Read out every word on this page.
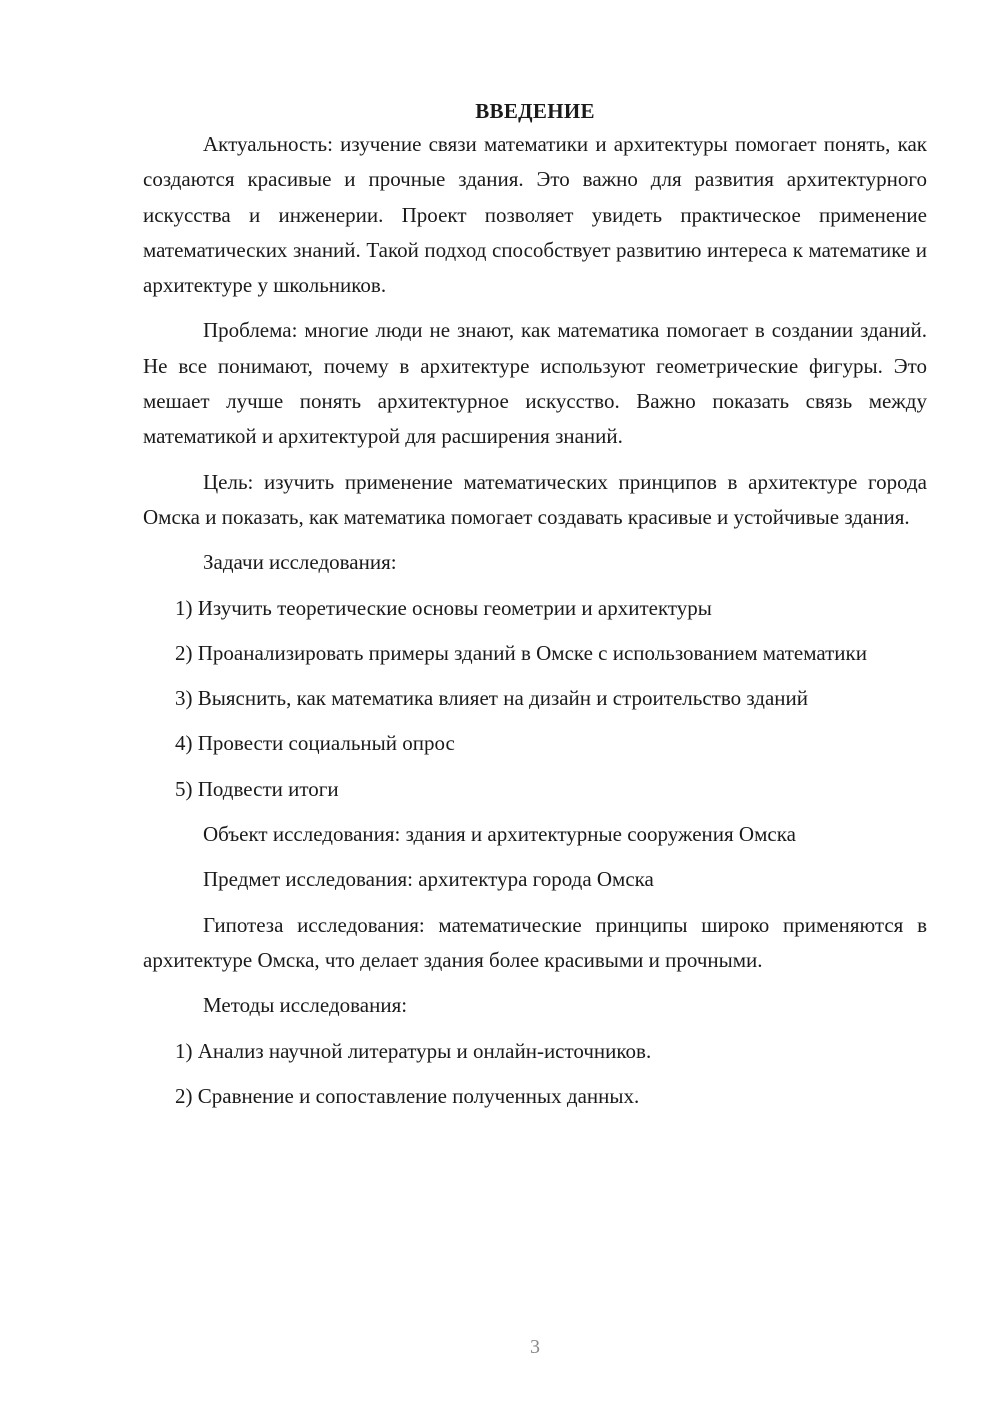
ВВЕДЕНИЕ

Актуальность: изучение связи математики и архитектуры помогает понять, как создаются красивые и прочные здания. Это важно для развития архитектурного искусства и инженерии. Проект позволяет увидеть практическое применение математических знаний. Такой подход способствует развитию интереса к математике и архитектуре у школьников.

Проблема: многие люди не знают, как математика помогает в создании зданий. Не все понимают, почему в архитектуре используют геометрические фигуры. Это мешает лучше понять архитектурное искусство. Важно показать связь между математикой и архитектурой для расширения знаний.

Цель: изучить применение математических принципов в архитектуре города Омска и показать, как математика помогает создавать красивые и устойчивые здания.

Задачи исследования:

1) Изучить теоретические основы геометрии и архитектуры

2) Проанализировать примеры зданий в Омске с использованием математики

3) Выяснить, как математика влияет на дизайн и строительство зданий

4) Провести социальный опрос

5) Подвести итоги

Объект исследования: здания и архитектурные сооружения Омска

Предмет исследования: архитектура города Омска

Гипотеза исследования: математические принципы широко применяются в архитектуре Омска, что делает здания более красивыми и прочными.

Методы исследования:

1) Анализ научной литературы и онлайн-источников.

2) Сравнение и сопоставление полученных данных.

3
